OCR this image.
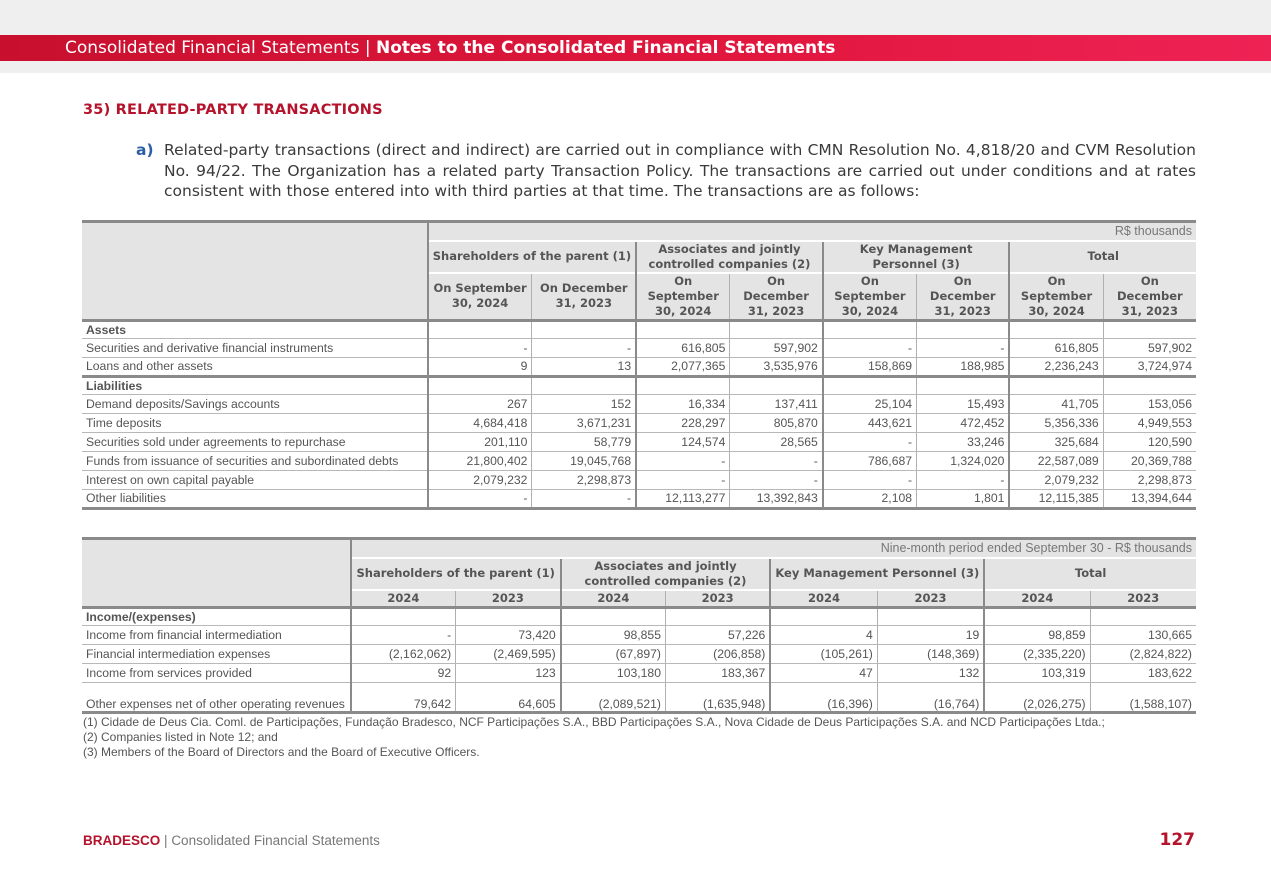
Consolidated Financial Statements | Notes to the Consolidated Financial Statements
35) RELATED-PARTY TRANSACTIONS
a) Related-party transactions (direct and indirect) are carried out in compliance with CMN Resolution No. 4,818/20 and CVM Resolution No. 94/22. The Organization has a related party Transaction Policy. The transactions are carried out under conditions and at rates consistent with those entered into with third parties at that time. The transactions are as follows:
	R$ thousands							
	Shareholders of the parent (1)		Associates and jointly controlled companies (2)		Key Management Personnel (3)		Total	
	On September 30, 2024	On December 31, 2023	On September 30, 2024	On December 31, 2023	On September 30, 2024	On December 31, 2023	On September 30, 2024	On December 31, 2023
Assets								
Securities and derivative financial instruments	-	-	616,805	597,902	-	-	616,805	597,902
Loans and other assets	9	13	2,077,365	3,535,976	158,869	188,985	2,236,243	3,724,974
Liabilities								
Demand deposits/Savings accounts	267	152	16,334	137,411	25,104	15,493	41,705	153,056
Time deposits	4,684,418	3,671,231	228,297	805,870	443,621	472,452	5,356,336	4,949,553
Securities sold under agreements to repurchase	201,110	58,779	124,574	28,565	-	33,246	325,684	120,590
Funds from issuance of securities and subordinated debts	21,800,402	19,045,768	-	-	786,687	1,324,020	22,587,089	20,369,788
Interest on own capital payable	2,079,232	2,298,873	-	-	-	-	2,079,232	2,298,873
Other liabilities	-	-	12,113,277	13,392,843	2,108	1,801	12,115,385	13,394,644
	Nine-month period ended September 30 - R$ thousands							
	Shareholders of the parent (1)		Associates and jointly controlled companies (2)		Key Management Personnel (3)		Total	
	2024	2023	2024	2023	2024	2023	2024	2023
Income/(expenses)								
Income from financial intermediation	-	73,420	98,855	57,226	4	19	98,859	130,665
Financial intermediation expenses	(2,162,062)	(2,469,595)	(67,897)	(206,858)	(105,261)	(148,369)	(2,335,220)	(2,824,822)
Income from services provided	92	123	103,180	183,367	47	132	103,319	183,622
Other expenses net of other operating revenues	79,642	64,605	(2,089,521)	(1,635,948)	(16,396)	(16,764)	(2,026,275)	(1,588,107)
(1) Cidade de Deus Cia. Coml. de Participações, Fundação Bradesco, NCF Participações S.A., BBD Participações S.A., Nova Cidade de Deus Participações S.A. and NCD Participações Ltda.;
(2) Companies listed in Note 12; and
(3) Members of the Board of Directors and the Board of Executive Officers.
BRADESCO | Consolidated Financial Statements	127
